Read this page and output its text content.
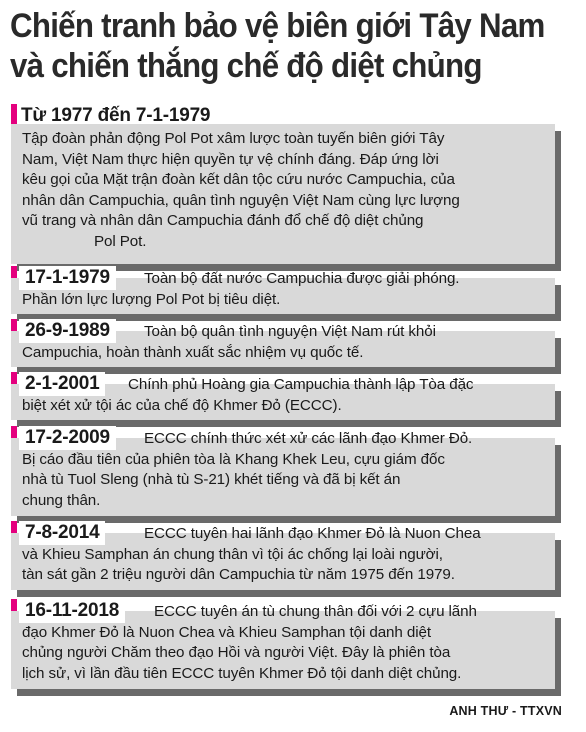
Chiến tranh bảo vệ biên giới Tây Nam
và chiến thắng chế độ diệt chủng
Từ 1977 đến 7-1-1979
Tập đoàn phản động Pol Pot xâm lược toàn tuyến biên giới Tây
Nam, Việt Nam thực hiện quyền tự vệ chính đáng. Đáp ứng lời
kêu gọi của Mặt trận đoàn kết dân tộc cứu nước Campuchia, của
nhân dân Campuchia, quân tình nguyện Việt Nam cùng lực lượng
vũ trang và nhân dân Campuchia đánh đổ chế độ diệt chủng
Pol Pot.
17-1-1979	Toàn bộ đất nước Campuchia được giải phóng.
Phần lớn lực lượng Pol Pot bị tiêu diệt.
26-9-1989	Toàn bộ quân tình nguyện Việt Nam rút khỏi
Campuchia, hoàn thành xuất sắc nhiệm vụ quốc tế.
2-1-2001	Chính phủ Hoàng gia Campuchia thành lập Tòa đặc
biệt xét xử tội ác của chế độ Khmer Đỏ (ECCC).
17-2-2009	ECCC chính thức xét xử các lãnh đạo Khmer Đỏ.
Bị cáo đầu tiên của phiên tòa là Khang Khek Leu, cựu giám đốc
nhà tù Tuol Sleng (nhà tù S-21) khét tiếng và đã bị kết án
chung thân.
7-8-2014	ECCC tuyên hai lãnh đạo Khmer Đỏ là Nuon Chea
và Khieu Samphan án chung thân vì tội ác chống lại loài người,
tàn sát gần 2 triệu người dân Campuchia từ năm 1975 đến 1979.
16-11-2018	ECCC tuyên án tù chung thân đối với 2 cựu lãnh
đạo Khmer Đỏ là Nuon Chea và Khieu Samphan tội danh diệt
chủng người Chăm theo đạo Hồi và người Việt. Đây là phiên tòa
lịch sử, vì lần đầu tiên ECCC tuyên Khmer Đỏ tội danh diệt chủng.
ANH THƯ - TTXVN
